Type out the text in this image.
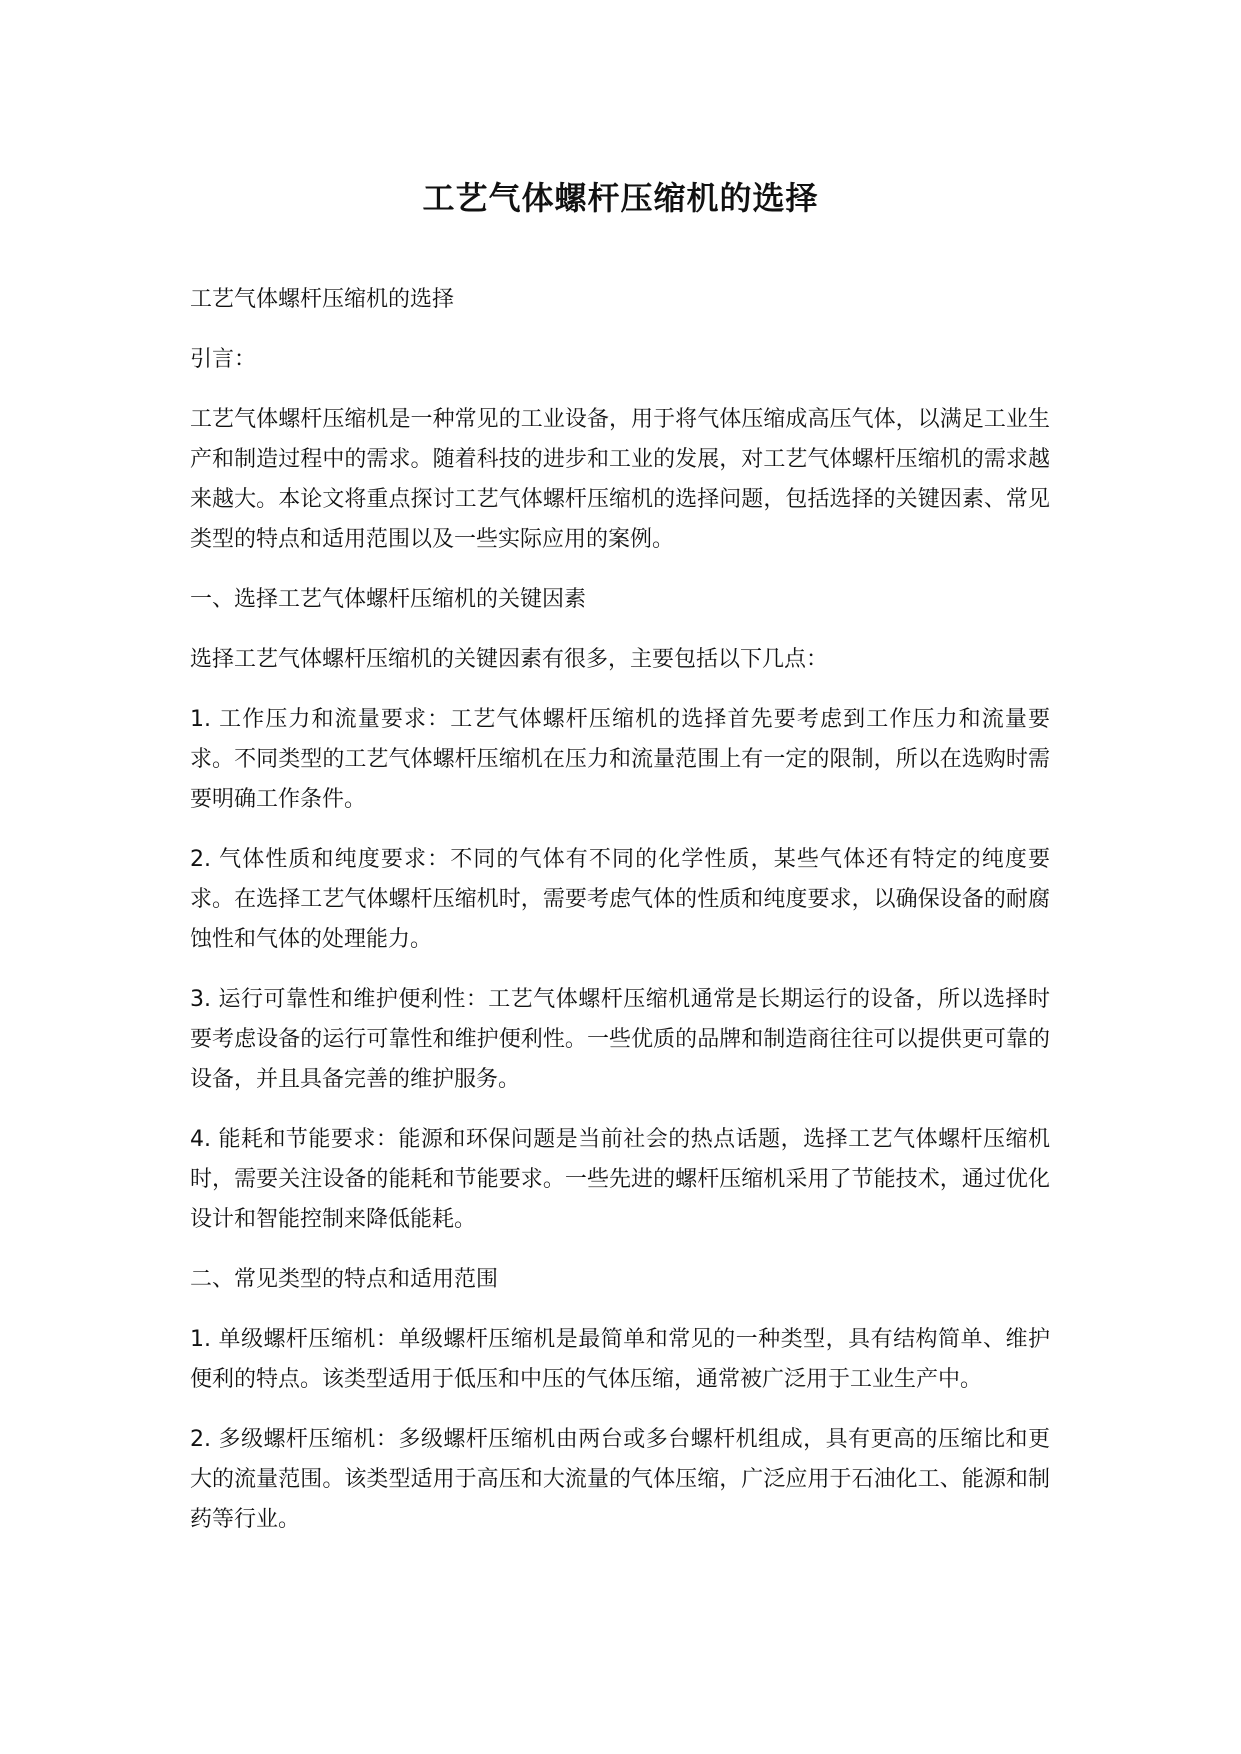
工艺气体螺杆压缩机的选择

工艺气体螺杆压缩机的选择

引言：

工艺气体螺杆压缩机是一种常见的工业设备，用于将气体压缩成高压气体，以满足工业生产和制造过程中的需求。随着科技的进步和工业的发展，对工艺气体螺杆压缩机的需求越来越大。本论文将重点探讨工艺气体螺杆压缩机的选择问题，包括选择的关键因素、常见类型的特点和适用范围以及一些实际应用的案例。

一、选择工艺气体螺杆压缩机的关键因素

选择工艺气体螺杆压缩机的关键因素有很多，主要包括以下几点：

1. 工作压力和流量要求：工艺气体螺杆压缩机的选择首先要考虑到工作压力和流量要求。不同类型的工艺气体螺杆压缩机在压力和流量范围上有一定的限制，所以在选购时需要明确工作条件。

2. 气体性质和纯度要求：不同的气体有不同的化学性质，某些气体还有特定的纯度要求。在选择工艺气体螺杆压缩机时，需要考虑气体的性质和纯度要求，以确保设备的耐腐蚀性和气体的处理能力。

3. 运行可靠性和维护便利性：工艺气体螺杆压缩机通常是长期运行的设备，所以选择时要考虑设备的运行可靠性和维护便利性。一些优质的品牌和制造商往往可以提供更可靠的设备，并且具备完善的维护服务。

4. 能耗和节能要求：能源和环保问题是当前社会的热点话题，选择工艺气体螺杆压缩机时，需要关注设备的能耗和节能要求。一些先进的螺杆压缩机采用了节能技术，通过优化设计和智能控制来降低能耗。

二、常见类型的特点和适用范围

1. 单级螺杆压缩机：单级螺杆压缩机是最简单和常见的一种类型，具有结构简单、维护便利的特点。该类型适用于低压和中压的气体压缩，通常被广泛用于工业生产中。

2. 多级螺杆压缩机：多级螺杆压缩机由两台或多台螺杆机组成，具有更高的压缩比和更大的流量范围。该类型适用于高压和大流量的气体压缩，广泛应用于石油化工、能源和制药等行业。
